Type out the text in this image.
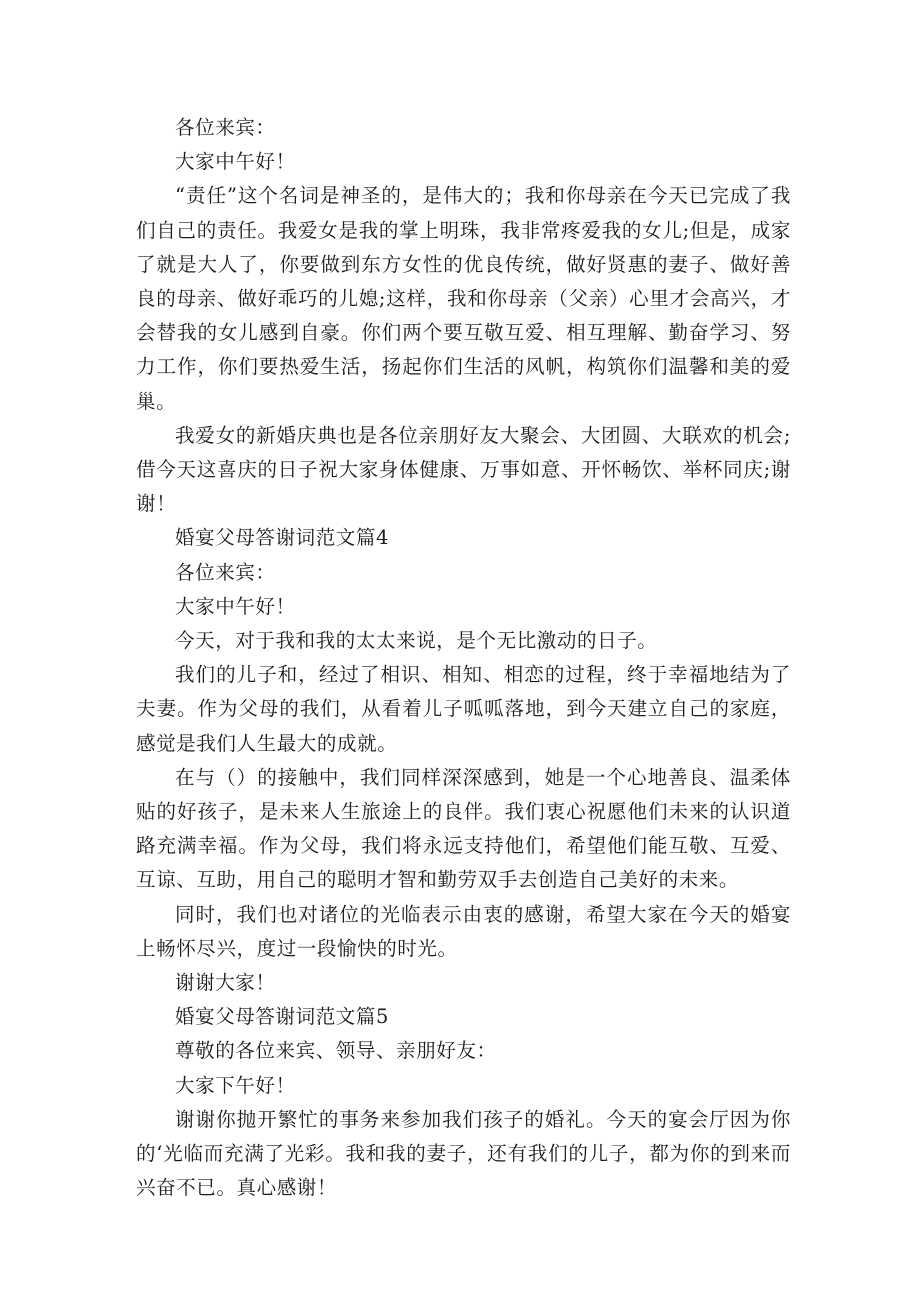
各位来宾：

大家中午好！

“责任”这个名词是神圣的，是伟大的；我和你母亲在今天已完成了我们自己的责任。我爱女是我的掌上明珠，我非常疼爱我的女儿;但是，成家了就是大人了，你要做到东方女性的优良传统，做好贤惠的妻子、做好善良的母亲、做好乖巧的儿媳;这样，我和你母亲（父亲）心里才会高兴，才会替我的女儿感到自豪。你们两个要互敬互爱、相互理解、勤奋学习、努力工作，你们要热爱生活，扬起你们生活的风帆，构筑你们温馨和美的爱巢。

我爱女的新婚庆典也是各位亲朋好友大聚会、大团圆、大联欢的机会;借今天这喜庆的日子祝大家身体健康、万事如意、开怀畅饮、举杯同庆;谢谢！

婚宴父母答谢词范文篇4

各位来宾：

大家中午好！

今天，对于我和我的太太来说，是个无比激动的日子。

我们的儿子和，经过了相识、相知、相恋的过程，终于幸福地结为了夫妻。作为父母的我们，从看着儿子呱呱落地，到今天建立自己的家庭，感觉是我们人生最大的成就。

在与（）的接触中，我们同样深深感到，她是一个心地善良、温柔体贴的好孩子，是未来人生旅途上的良伴。我们衷心祝愿他们未来的认识道路充满幸福。作为父母，我们将永远支持他们，希望他们能互敬、互爱、互谅、互助，用自己的聪明才智和勤劳双手去创造自己美好的未来。

同时，我们也对诸位的光临表示由衷的感谢，希望大家在今天的婚宴上畅怀尽兴，度过一段愉快的时光。

谢谢大家！

婚宴父母答谢词范文篇5

尊敬的各位来宾、领导、亲朋好友：

大家下午好！

谢谢你抛开繁忙的事务来参加我们孩子的婚礼。今天的宴会厅因为你的‘光临而充满了光彩。我和我的妻子，还有我们的儿子，都为你的到来而兴奋不已。真心感谢！
